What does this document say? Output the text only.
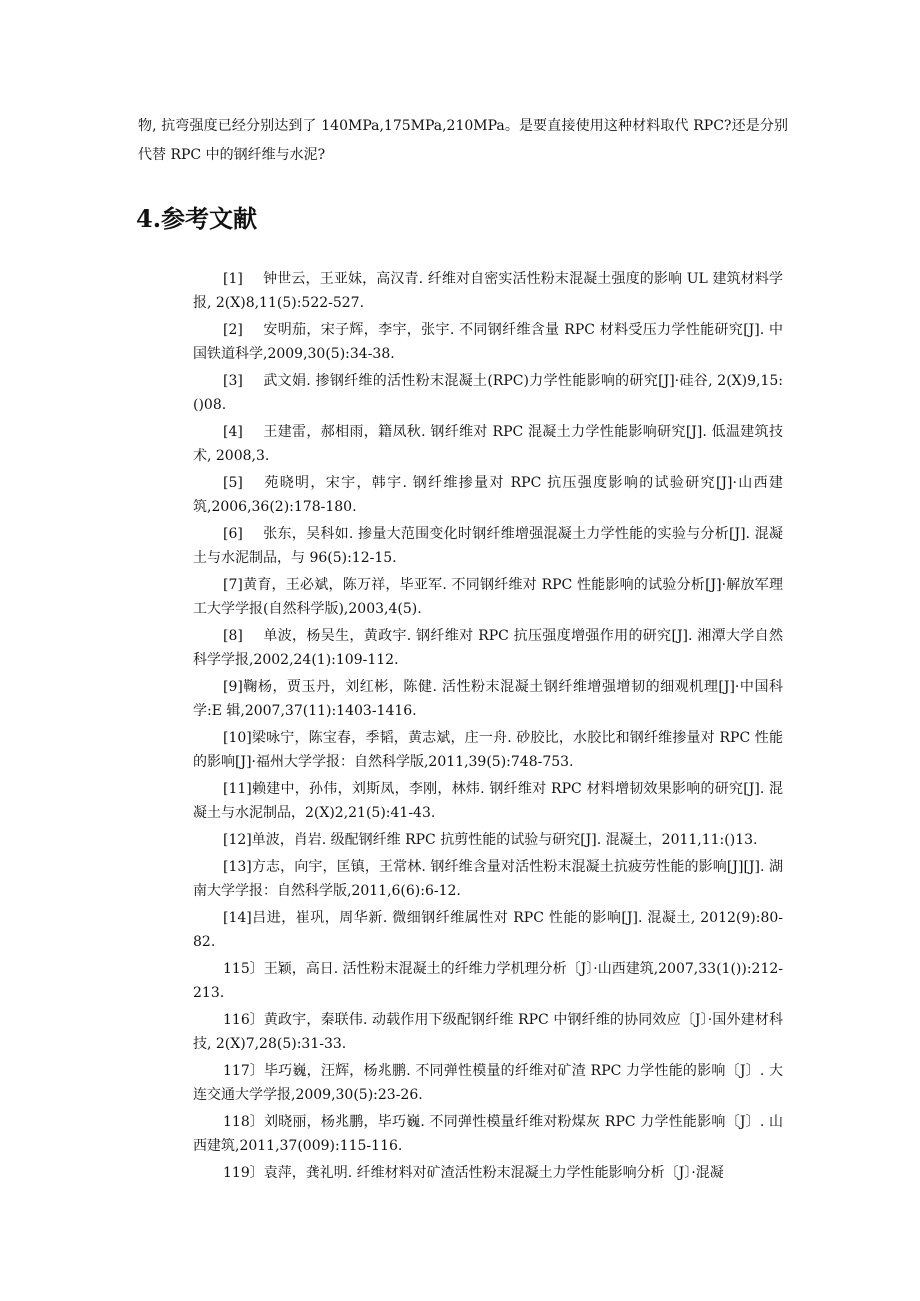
物, 抗弯强度已经分别达到了 140MPa,175MPa,210MPa。是要直接使用这种材料取代 RPC?还是分别代替 RPC 中的钢纤维与水泥?

4.参考文献
[1] 钟世云，王亚妹，高汉青. 纤维对自密实活性粉末混凝土强度的影响 UL 建筑材料学报, 2(X)8,11(5):522-527.
[2] 安明茄，宋子辉，李宇，张宇. 不同钢纤维含量 RPC 材料受压力学性能研究[J]. 中国铁道科学,2009,30(5):34-38.
[3] 武文娟. 掺钢纤维的活性粉末混凝土(RPC)力学性能影响的研究[J]·硅谷, 2(X)9,15:()08.
[4] 王建雷，郝相雨，籍凤秋. 钢纤维对 RPC 混凝土力学性能影响研究[J]. 低温建筑技术, 2008,3.
[5] 苑晓明，宋宇，韩宇. 钢纤维掺量对 RPC 抗压强度影响的试验研究[J]·山西建筑,2006,36(2):178-180.
[6] 张东，吴科如. 掺量大范围变化时钢纤维增强混凝土力学性能的实验与分析[J]. 混凝土与水泥制品，与 96(5):12-15.
[7]黄育，王必斌，陈万祥，毕亚军. 不同钢纤维对 RPC 性能影响的试验分析[J]·解放军理工大学学报(自然科学版),2003,4(5).
[8] 单波，杨吴生，黄政宇. 钢纤维对 RPC 抗压强度增强作用的研究[J]. 湘潭大学自然科学学报,2002,24(1):109-112.
[9]鞠杨，贾玉丹，刘红彬，陈健. 活性粉末混凝土钢纤维增强增韧的细观机理[J]·中国科学:E 辑,2007,37(11):1403-1416.
[10]梁咏宁，陈宝春，季韬，黄志斌，庄一舟. 砂胶比，水胶比和钢纤维掺量对 RPC 性能的影响[J]·福州大学学报：自然科学版,2011,39(5):748-753.
[11]赖建中，孙伟，刘斯凤，李刚，林炜. 钢纤维对 RPC 材料增韧效果影响的研究[J]. 混凝土与水泥制品，2(X)2,21(5):41-43.
[12]单波，肖岩. 级配钢纤维 RPC 抗剪性能的试验与研究[J]. 混凝土，2011,11:()13.
[13]方志，向宇，匡镇，王常林. 钢纤维含量对活性粉末混凝土抗疲劳性能的影响[J][J]. 湖南大学学报：自然科学版,2011,6(6):6-12.
[14]吕进，崔巩，周华新. 微细钢纤维属性对 RPC 性能的影响[J]. 混凝土, 2012(9):80-82.
115〕王颖，高日. 活性粉末混凝土的纤维力学机理分析〔J〕·山西建筑,2007,33(1()):212-213.
116〕黄政宇，秦联伟. 动载作用下级配钢纤维 RPC 中钢纤维的协同效应〔J〕·国外建材科技, 2(X)7,28(5):31-33.
117〕毕巧巍，汪辉，杨兆鹏. 不同弹性模量的纤维对矿渣 RPC 力学性能的影响〔J〕. 大连交通大学学报,2009,30(5):23-26.
118〕刘晓丽，杨兆鹏，毕巧巍. 不同弹性模量纤维对粉煤灰 RPC 力学性能影响〔J〕. 山西建筑,2011,37(009):115-116.
119〕袁萍，龚礼明. 纤维材料对矿渣活性粉末混凝土力学性能影响分析〔J〕·混凝
